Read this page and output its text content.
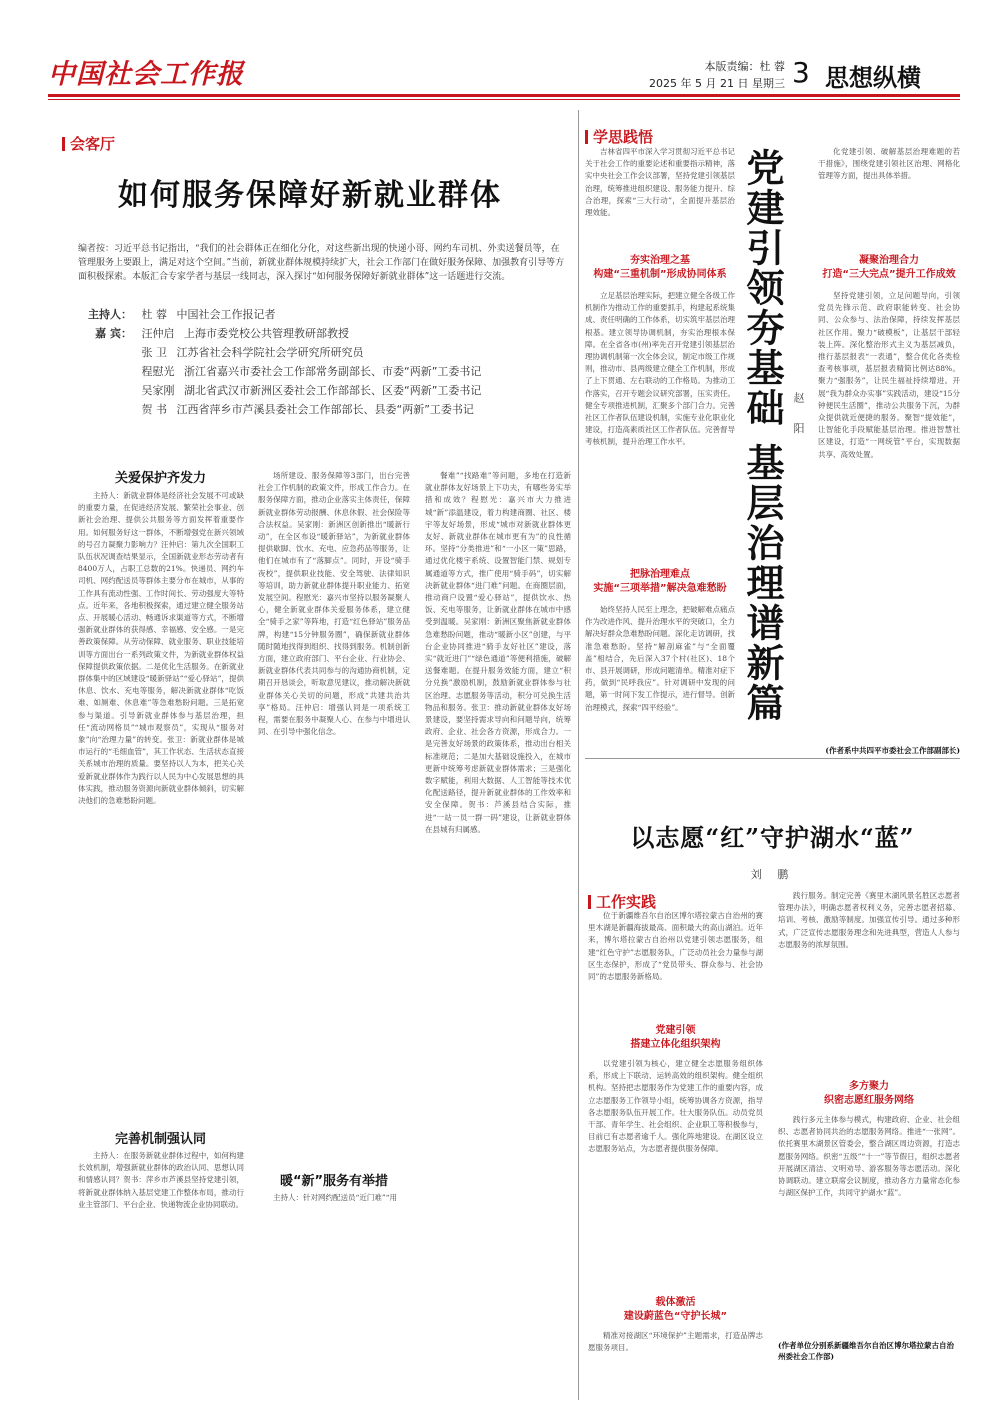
中国社会工作报	本版责编：杜 蓉
2025 年 5 月 21 日 星期三 3 思想纵横
会客厅
如何服务保障好新就业群体
编者按：习近平总书记指出，“我们的社会群体正在细化分化，对这些新出现的快递小哥、网约车司机、外卖送餐员等，在管理服务上要跟上，满足对这个空间。”当前，新就业群体规模持续扩大，社会工作部门在做好服务保障、加强教育引导等方面积极探索。本版汇合专家学者与基层一线同志，深入探讨“如何服务保障好新就业群体”这一话题进行交流。
主持人： 杜 蓉 中国社会工作报记者
嘉 宾： 汪仲启 上海市委党校公共管理教研部教授
张 卫 江苏省社会科学院社会学研究所研究员
程慰光 浙江省嘉兴市委社会工作部常务副部长、市委“两新”工委书记
吴家刚 湖北省武汉市新洲区委社会工作部部长、区委“两新”工委书记
贺 书 江西省萍乡市芦溪县委社会工作部部长、县委“两新”工委书记
关爱保护齐发力

主持人：新就业群体是经济社会发展不可或缺的重要力量，在促进经济发展、繁荣社会事业、创新社会治理、提供公共服务等方面发挥着重要作用。如何服务好这一群体，不断增强党在新兴领域的号召力凝聚力影响力？汪仲启：第九次全国职工队伍状况调查结果显示，全国新就业形态劳动者有8400万人，占职工总数的21%。快递员、网约车司机、网约配送员等群体主要分布在城市，从事的工作具有流动性强、工作时间长、劳动强度大等特点。近年来，各地积极探索，通过建立健全服务站点、开展暖心活动、畅通诉求渠道等方式，不断增强新就业群体的获得感、幸福感、安全感。一是完善政策保障。从劳动保障、就业服务、职业技能培训等方面出台一系列政策文件，为新就业群体权益保障提供政策依据。二是优化生活服务。在新就业群体集中的区域建设“暖新驿站”“爱心驿站”，提供休息、饮水、充电等服务，解决新就业群体“吃饭难、如厕难、休息难”等急难愁盼问题。三是拓宽参与渠道。引导新就业群体参与基层治理，担任“流动网格员”“城市观察员”，实现从“服务对象”向“治理力量”的转变。张卫：新就业群体是城市运行的“毛细血管”，其工作状态、生活状态直接关系城市治理的质量。要坚持以人为本，把关心关爱新就业群体作为践行以人民为中心发展思想的具体实践，推动服务资源向新就业群体倾斜，切实解决他们的急难愁盼问题。

完善机制强认同

主持人：在服务新就业群体过程中，如何构建长效机制，增强新就业群体的政治认同、思想认同和情感认同？贺书：萍乡市芦溪县坚持党建引领，将新就业群体纳入基层党建工作整体布局，推动行业主管部门、平台企业、快递物流企业协同联动。

场所建设、服务保障等3部门，出台完善社会工作机制的政策文件，形成工作合力。在服务保障方面，推动企业落实主体责任，保障新就业群体劳动报酬、休息休假、社会保险等合法权益。吴家刚：新洲区创新推出“暖新行动”，在全区布设“暖新驿站”，为新就业群体提供歇脚、饮水、充电、应急药品等服务，让他们在城市有了“落脚点”。同时，开设“骑手夜校”，提供职业技能、安全驾驶、法律知识等培训，助力新就业群体提升职业能力、拓宽发展空间。程慰光：嘉兴市坚持以服务凝聚人心，健全新就业群体关爱服务体系，建立健全“骑手之家”等阵地，打造“红色驿站”服务品牌，构建“15分钟服务圈”，确保新就业群体随时随地找得到组织、找得到服务。机制创新方面，建立政府部门、平台企业、行业协会、新就业群体代表共同参与的沟通协商机制，定期召开恳谈会，听取意见建议，推动解决新就业群体关心关切的问题，形成“共建共治共享”格局。汪仲启：增强认同是一项系统工程，需要在服务中凝聚人心、在参与中增进认同、在引导中强化信念。

暖“新”服务有举措

主持人：针对网约配送员“近门难”“用

餐难”“找路难”等问题，多地在打造新就业群体友好场景上下功夫，有哪些务实举措和成效？程慰光：嘉兴市大力推进城“新”添温建设，着力构建商圈、社区、楼宇等友好场景，形成“城市对新就业群体更友好、新就业群体在城市更有为”的良性循环。坚持“分类推进”和“一小区一策”思路，通过优化楼宇系统、设置智能门禁、规划专属通道等方式，推广使用“骑手码”，切实解决新就业群体“进门难”问题。在商圈层面，推动商户设置“爱心驿站”，提供饮水、热饭、充电等服务，让新就业群体在城市中感受到温暖。吴家刚：新洲区聚焦新就业群体急难愁盼问题，推动“暖新小区”创建，与平台企业协同推进“骑手友好社区”建设，落实“就近进门”“绿色通道”等便利措施，破解送餐难题。在提升服务效能方面，建立“积分兑换”激励机制，鼓励新就业群体参与社区治理、志愿服务等活动，积分可兑换生活物品和服务。张卫：推动新就业群体友好场景建设，要坚持需求导向和问题导向，统筹政府、企业、社会各方资源，形成合力。一是完善友好场景的政策体系，推动出台相关标准规范；二是加大基础设施投入，在城市更新中统筹考虑新就业群体需求；三是强化数字赋能，利用大数据、人工智能等技术优化配送路径，提升新就业群体的工作效率和安全保障。贺书：芦溪县结合实际，推进“一站一员一群一码”建设，让新就业群体在县城有归属感。

学思践悟

吉林省四平市深入学习贯彻习近平总书记关于社会工作的重要论述和重要指示精神，落实中央社会工作会议部署，坚持党建引领基层治理，统筹推进组织建设、服务能力提升、综合治理，探索“三大行动”，全面提升基层治理效能。

夯实治理之基
构建“三重机制”形成协同体系

立足基层治理实际，把建立健全各级工作机制作为推动工作的重要抓手，构建起系统集成、责任明确的工作体系，切实筑牢基层治理根基。建立领导协调机制，夯实治理根本保障。在全省各市(州)率先召开党建引领基层治理协调机制第一次全体会议，制定市级工作规则，推动市、县两级建立健全工作机制，形成了上下贯通、左右联动的工作格局。为推动工作落实，召开专题会议研究部署，压实责任。健全专项推进机制，汇聚多个部门合力。完善社区工作者队伍建设机制，实施专业化职业化建设，打造高素质社区工作者队伍。完善督导考核机制，提升治理工作水平。

把脉治理难点
实施“三项举措”解决急难愁盼

始终坚持人民至上理念，把破解难点痛点作为改进作风、提升治理水平的突破口，全力解决好群众急难愁盼问题。深化走访调研，找准急难愁盼。坚持“解剖麻雀”与“全面覆盖”相结合，先后深入37个村(社区)、18个市、县开展调研，形成问题清单。精准对症下药，做到“民呼我应”。针对调研中发现的问题，第一时间下发工作提示，进行督导。创新治理模式，探索“四平经验”。	党建引领夯基础 基层治理谱新篇 赵 阳

化党建引领、破解基层治理难题的若干措施》，围绕党建引领社区治理、网格化管理等方面，提出具体举措。

凝聚治理合力
打造“三大完点”提升工作成效

坚持党建引领，立足问题导向，引领党员先锋示范、政府职能转变、社会协同、公众参与、法治保障，持续发挥基层社区作用。聚力“破模板”，让基层干部轻装上阵。深化整治形式主义为基层减负，推行基层报表“一表通”，整合优化各类检查考核事项，基层报表精简比例达88%。聚力“强服务”，让民生福祉持续增进。开展“我为群众办实事”实践活动，建设“15分钟便民生活圈”，推动公共服务下沉，为群众提供就近便捷的服务。聚智“提效能”，让智能化手段赋能基层治理。推进智慧社区建设，打造“一网统管”平台，实现数据共享、高效处置。

(作者系中共四平市委社会工作部副部长)
以志愿“红”守护湖水“蓝”
刘 鹏
工作实践

位于新疆维吾尔自治区博尔塔拉蒙古自治州的赛里木湖是新疆海拔最高、面积最大的高山湖泊。近年来，博尔塔拉蒙古自治州以党建引领志愿服务，组建“红色守护”志愿服务队，广泛动员社会力量参与湖区生态保护，形成了“党员带头、群众参与、社会协同”的志愿服务新格局。

党建引领
搭建立体化组织架构

以党建引领为核心，建立健全志愿服务组织体系，形成上下联动、运转高效的组织架构。健全组织机构。坚持把志愿服务作为党建工作的重要内容，成立志愿服务工作领导小组，统筹协调各方资源，指导各志愿服务队伍开展工作。壮大服务队伍。动员党员干部、青年学生、社会组织、企业职工等积极参与，目前已有志愿者逾千人。强化阵地建设。在湖区设立志愿服务站点，为志愿者提供服务保障。

载体激活
建设蔚蓝色“守护长城”

精准对接湖区“环境保护”主题需求，打造品牌志愿服务项目。

践行服务。制定完善《赛里木湖风景名胜区志愿者管理办法》，明确志愿者权利义务，完善志愿者招募、培训、考核、激励等制度。加强宣传引导。通过多种形式，广泛宣传志愿服务理念和先进典型，营造人人参与志愿服务的浓厚氛围。

多方聚力
织密志愿红服务网络

践行多元主体参与模式，构建政府、企业、社会组织、志愿者协同共治的志愿服务网络。推进“一张网”。依托赛里木湖景区管委会，整合湖区周边资源，打造志愿服务网络。织密“五级”“十一”等节假日，组织志愿者开展湖区清洁、文明劝导、游客服务等志愿活动。深化协调联动。建立联席会议制度，推动各方力量常态化参与湖区保护工作，共同守护湖水“蓝”。

(作者单位分别系新疆维吾尔自治区博尔塔拉蒙古自治州委社会工作部)
